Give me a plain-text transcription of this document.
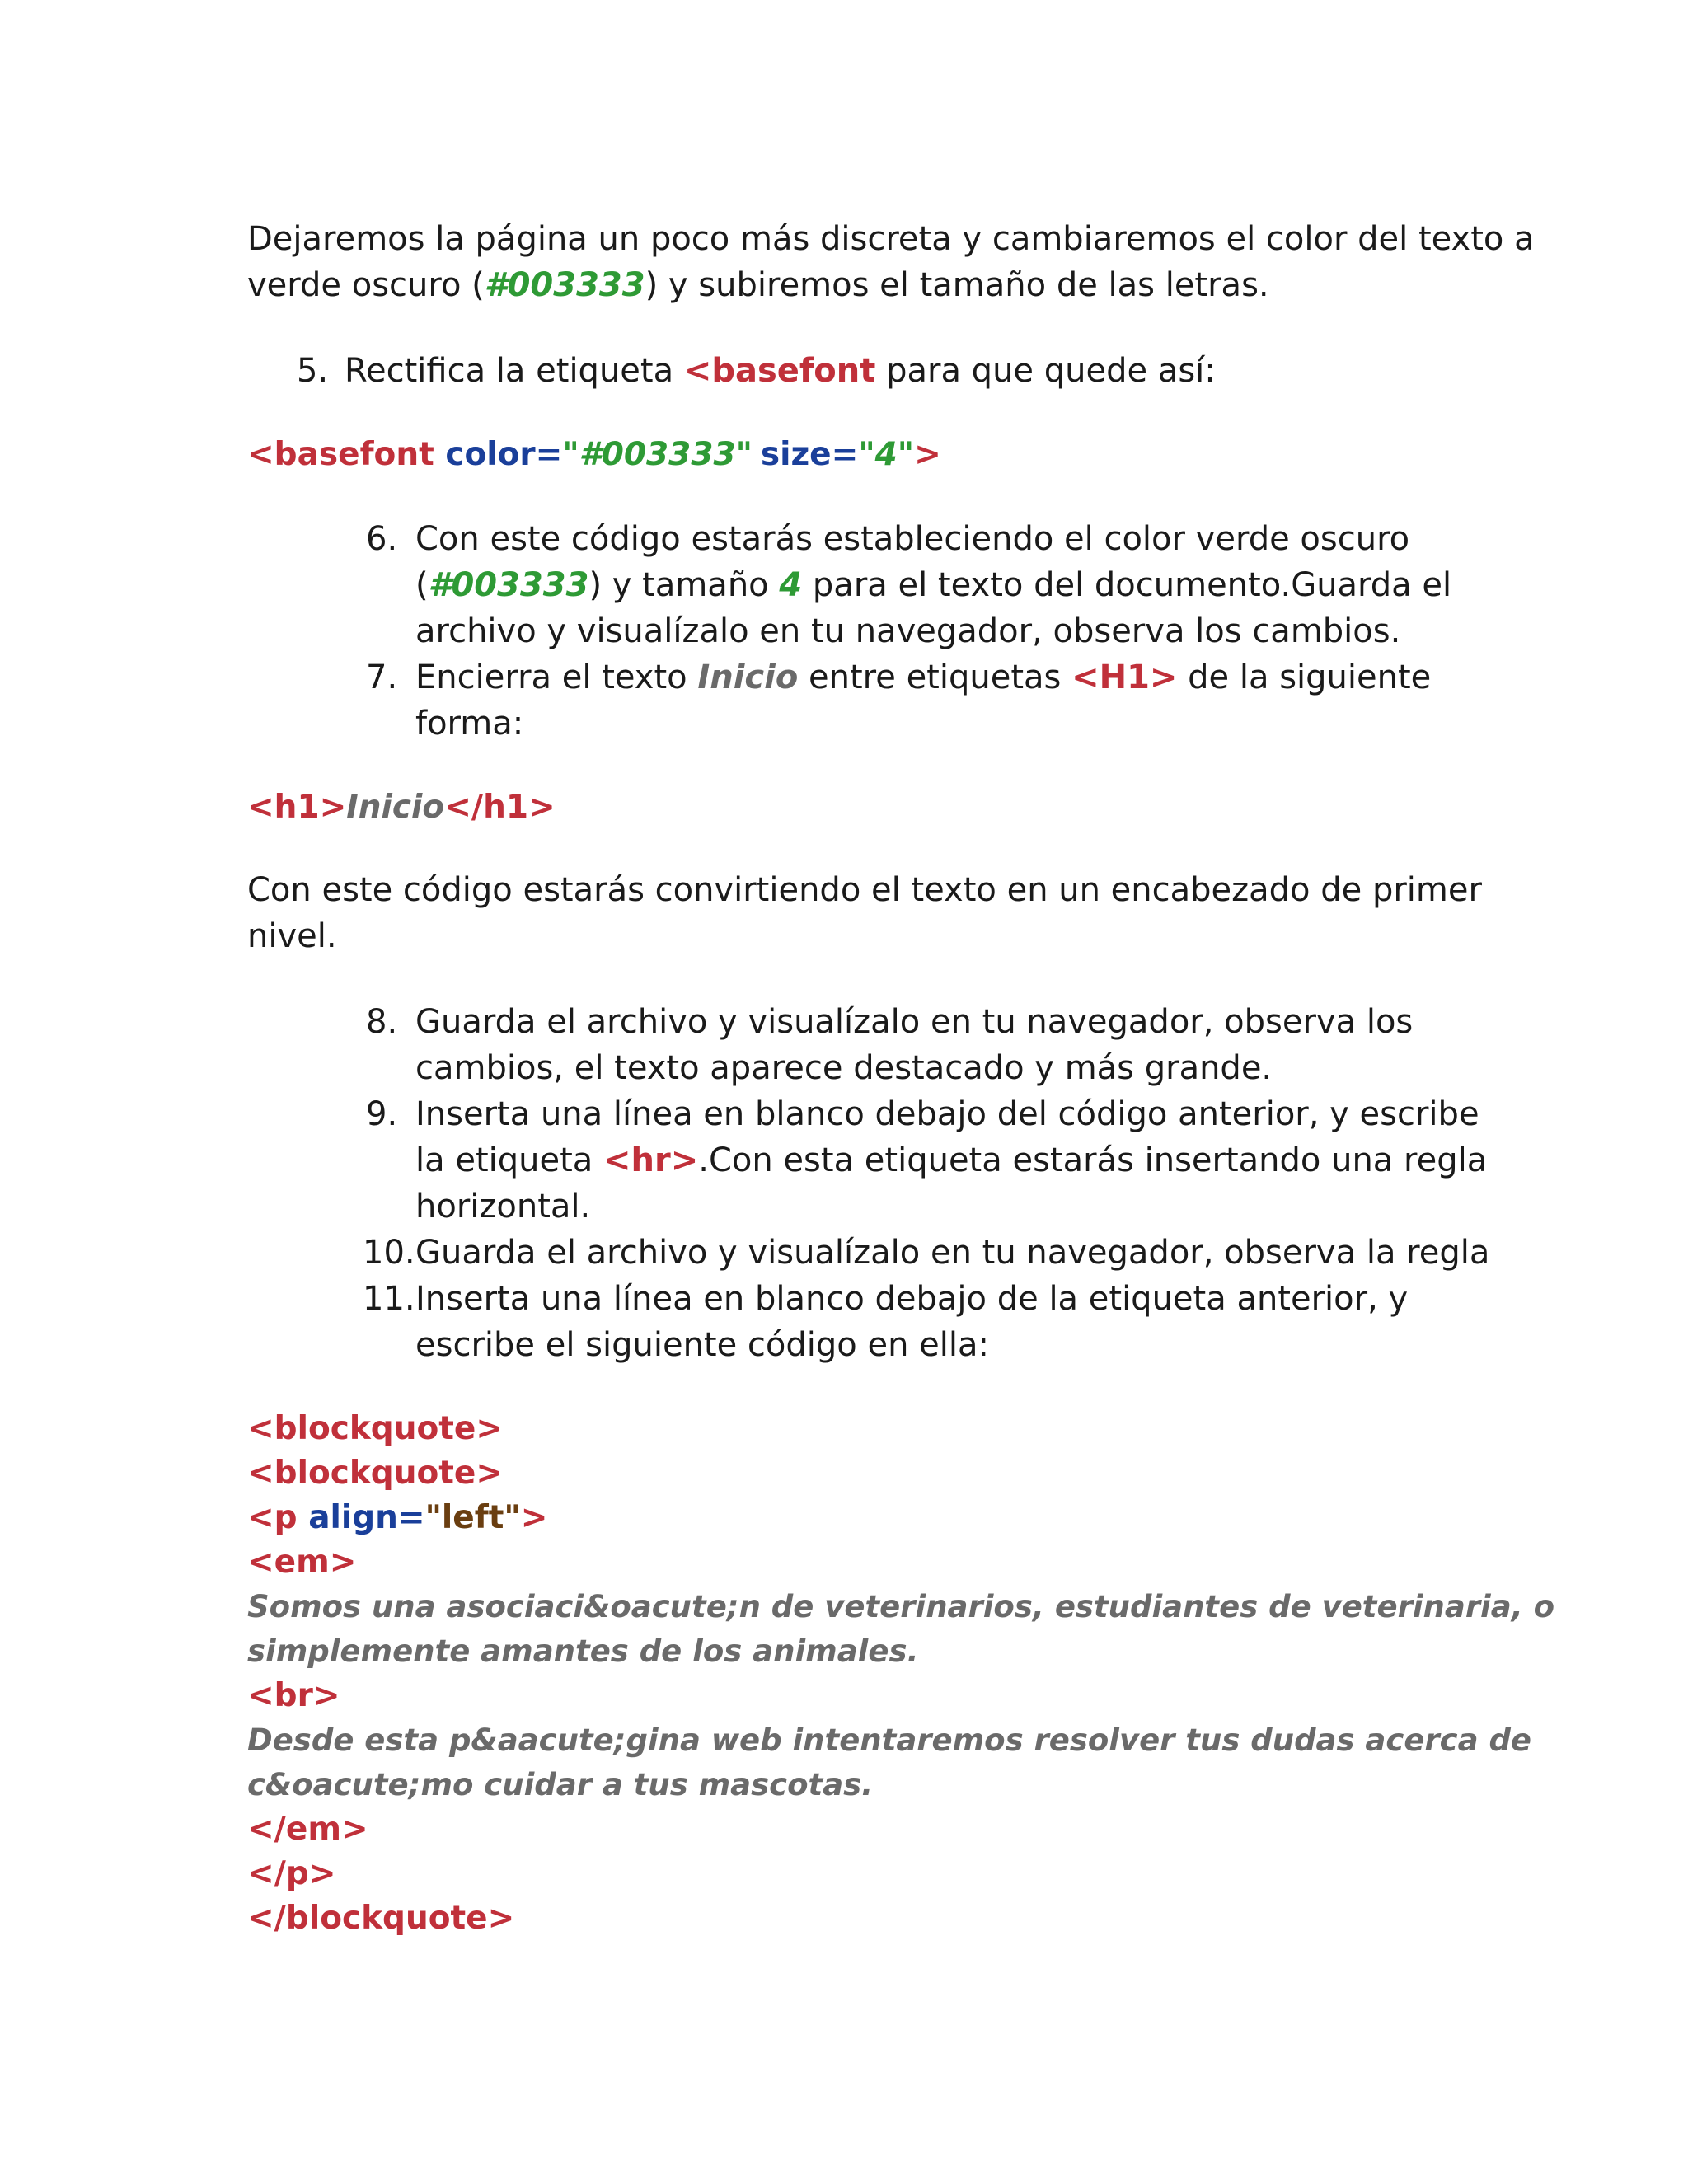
Dejaremos la página un poco más discreta y cambiaremos el color del texto a
verde oscuro (#003333) y subiremos el tamaño de las letras.
5. Rectifica la etiqueta <basefont para que quede así:
<basefont color="#003333" size="4">
6. Con este código estarás estableciendo el color verde oscuro
(#003333) y tamaño 4 para el texto del documento.Guarda el
archivo y visualízalo en tu navegador, observa los cambios.
7. Encierra el texto Inicio entre etiquetas <H1> de la siguiente
forma:
<h1>Inicio</h1>
Con este código estarás convirtiendo el texto en un encabezado de primer
nivel.
8. Guarda el archivo y visualízalo en tu navegador, observa los
cambios, el texto aparece destacado y más grande.
9. Inserta una línea en blanco debajo del código anterior, y escribe
la etiqueta <hr>.Con esta etiqueta estarás insertando una regla
horizontal.
10. Guarda el archivo y visualízalo en tu navegador, observa la regla
11. Inserta una línea en blanco debajo de la etiqueta anterior, y
escribe el siguiente código en ella:
<blockquote>
<blockquote>
<p align="left">
<em>
Somos una asociaci&oacute;n de veterinarios, estudiantes de veterinaria, o
simplemente amantes de los animales.
<br>
Desde esta p&aacute;gina web intentaremos resolver tus dudas acerca de
c&oacute;mo cuidar a tus mascotas.
</em>
</p>
</blockquote>
